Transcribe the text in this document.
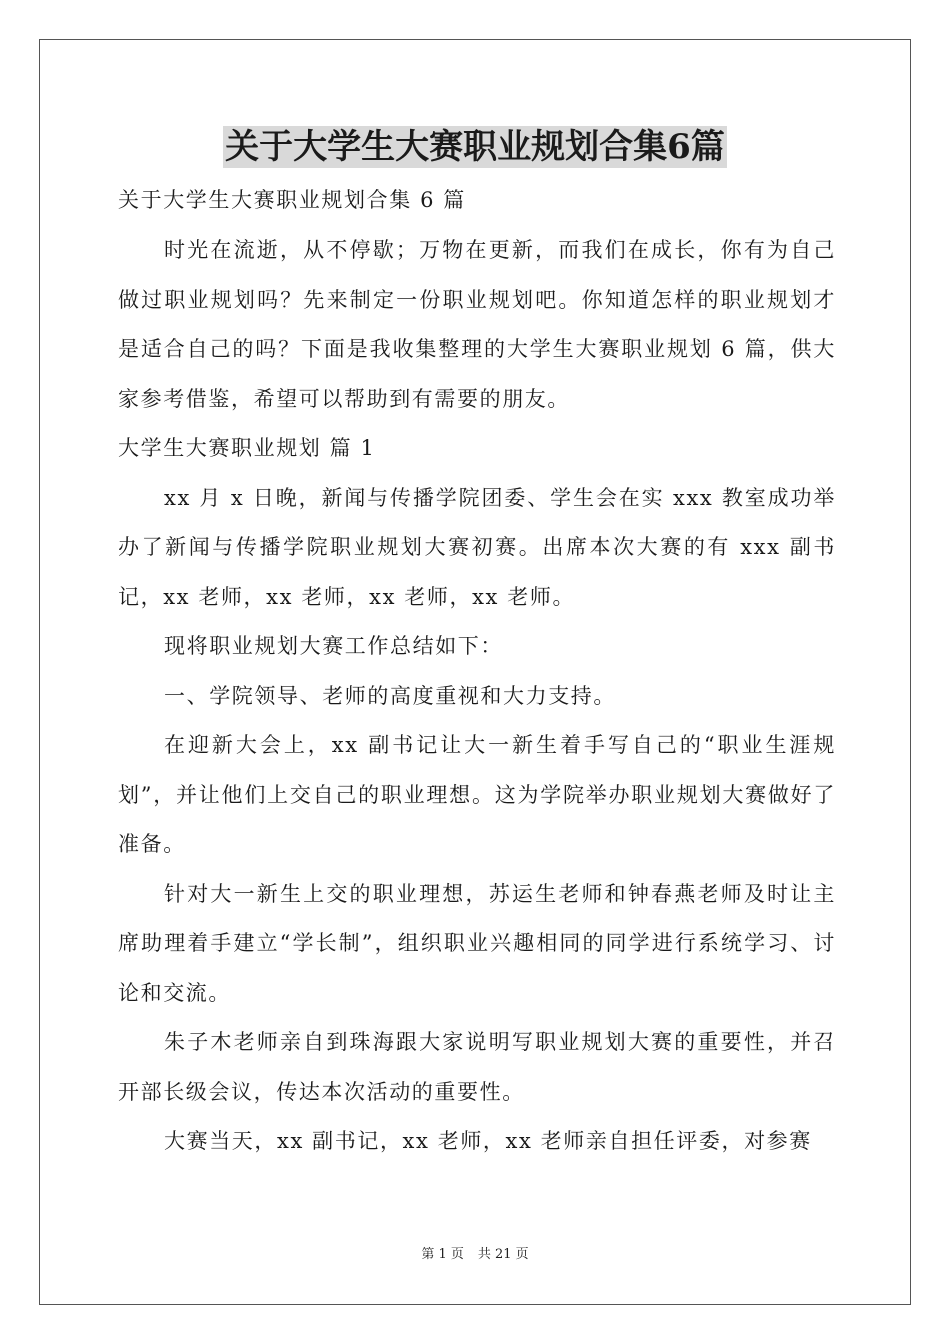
关于大学生大赛职业规划合集6篇

关于大学生大赛职业规划合集 6 篇

时光在流逝，从不停歇；万物在更新，而我们在成长，你有为自己做过职业规划吗？先来制定一份职业规划吧。你知道怎样的职业规划才是适合自己的吗？下面是我收集整理的大学生大赛职业规划 6 篇，供大家参考借鉴，希望可以帮助到有需要的朋友。

大学生大赛职业规划 篇 1

xx 月 x 日晚，新闻与传播学院团委、学生会在实 xxx 教室成功举办了新闻与传播学院职业规划大赛初赛。出席本次大赛的有 xxx 副书记，xx 老师，xx 老师，xx 老师，xx 老师。

现将职业规划大赛工作总结如下：

一、学院领导、老师的高度重视和大力支持。

在迎新大会上，xx 副书记让大一新生着手写自己的“职业生涯规划”，并让他们上交自己的职业理想。这为学院举办职业规划大赛做好了准备。

针对大一新生上交的职业理想，苏运生老师和钟春燕老师及时让主席助理着手建立“学长制”，组织职业兴趣相同的同学进行系统学习、讨论和交流。

朱子木老师亲自到珠海跟大家说明写职业规划大赛的重要性，并召开部长级会议，传达本次活动的重要性。

大赛当天，xx 副书记，xx 老师，xx 老师亲自担任评委，对参赛

第 1 页 共 21 页
